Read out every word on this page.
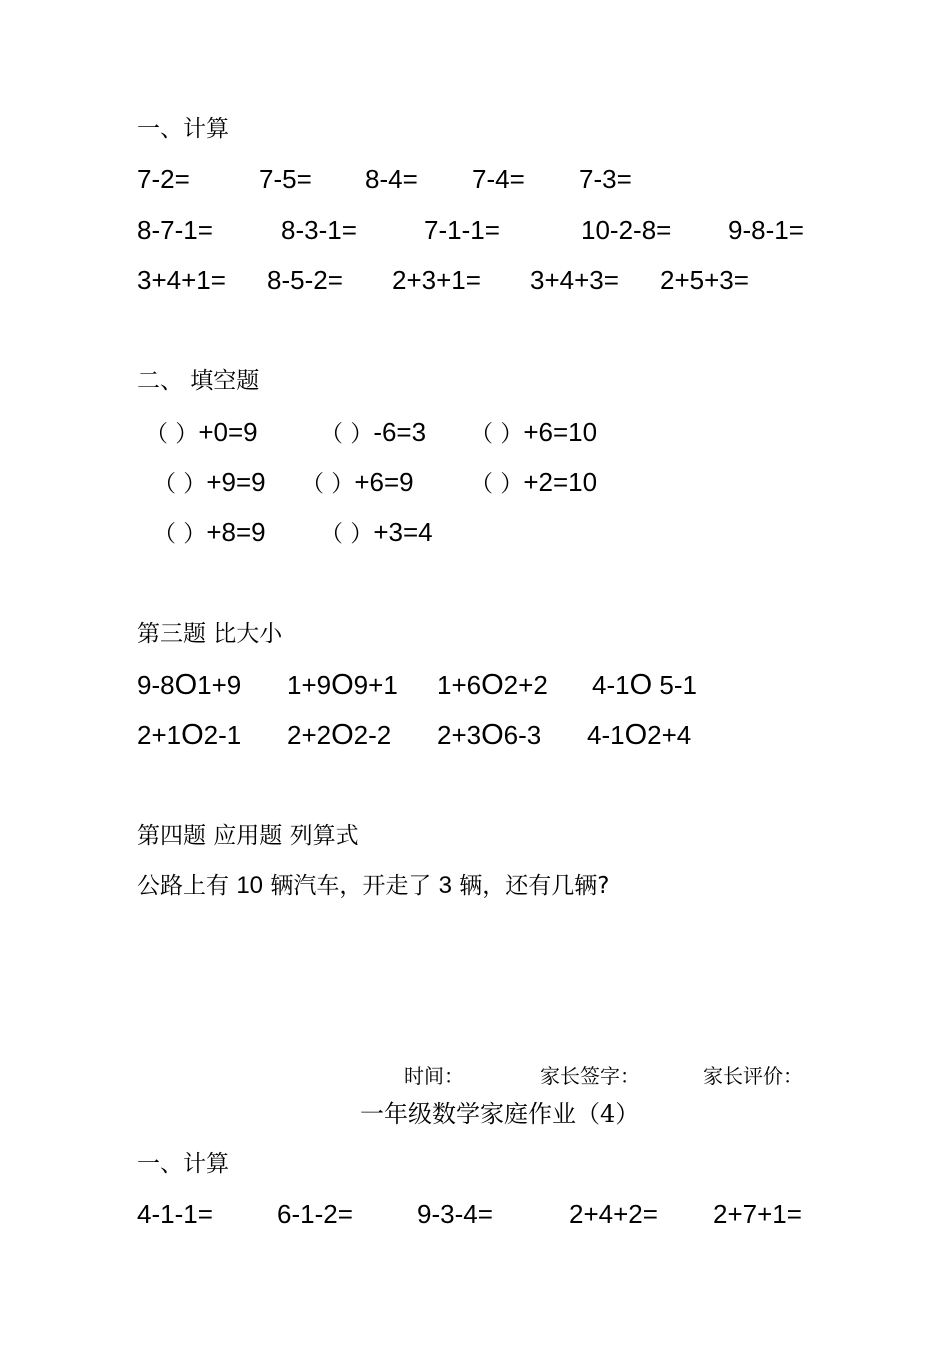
一、计算
7-2=	7-5= 8-4= 7-4= 7-3=
8-7-1=	8-3-1=	7-1-1=	10-2-8= 9-8-1=
3+4+1= 8-5-2= 2+3+1= 3+4+3= 2+5+3=
二、 填空题
（ ）+0=9	（ ）-6=3 （ ）+6=10
（ ）+9=9 （ ）+6=9 （ ）+2=10
（ ）+8=9 （ ）+3=4
第三题 比大小
9-8O1+9 1+9O9+1 1+6O2+2 4-1O 5-1
2+1O2-1 2+2O2-2 2+3O6-3 4-1O2+4
第四题 应用题 列算式
公路上有 10 辆汽车，开走了 3 辆，还有几辆?
时间：	家长签字：	家长评价：
一年级数学家庭作业（4）
一、计算
4-1-1= 6-1-2= 9-3-4=	2+4+2= 2+7+1=
